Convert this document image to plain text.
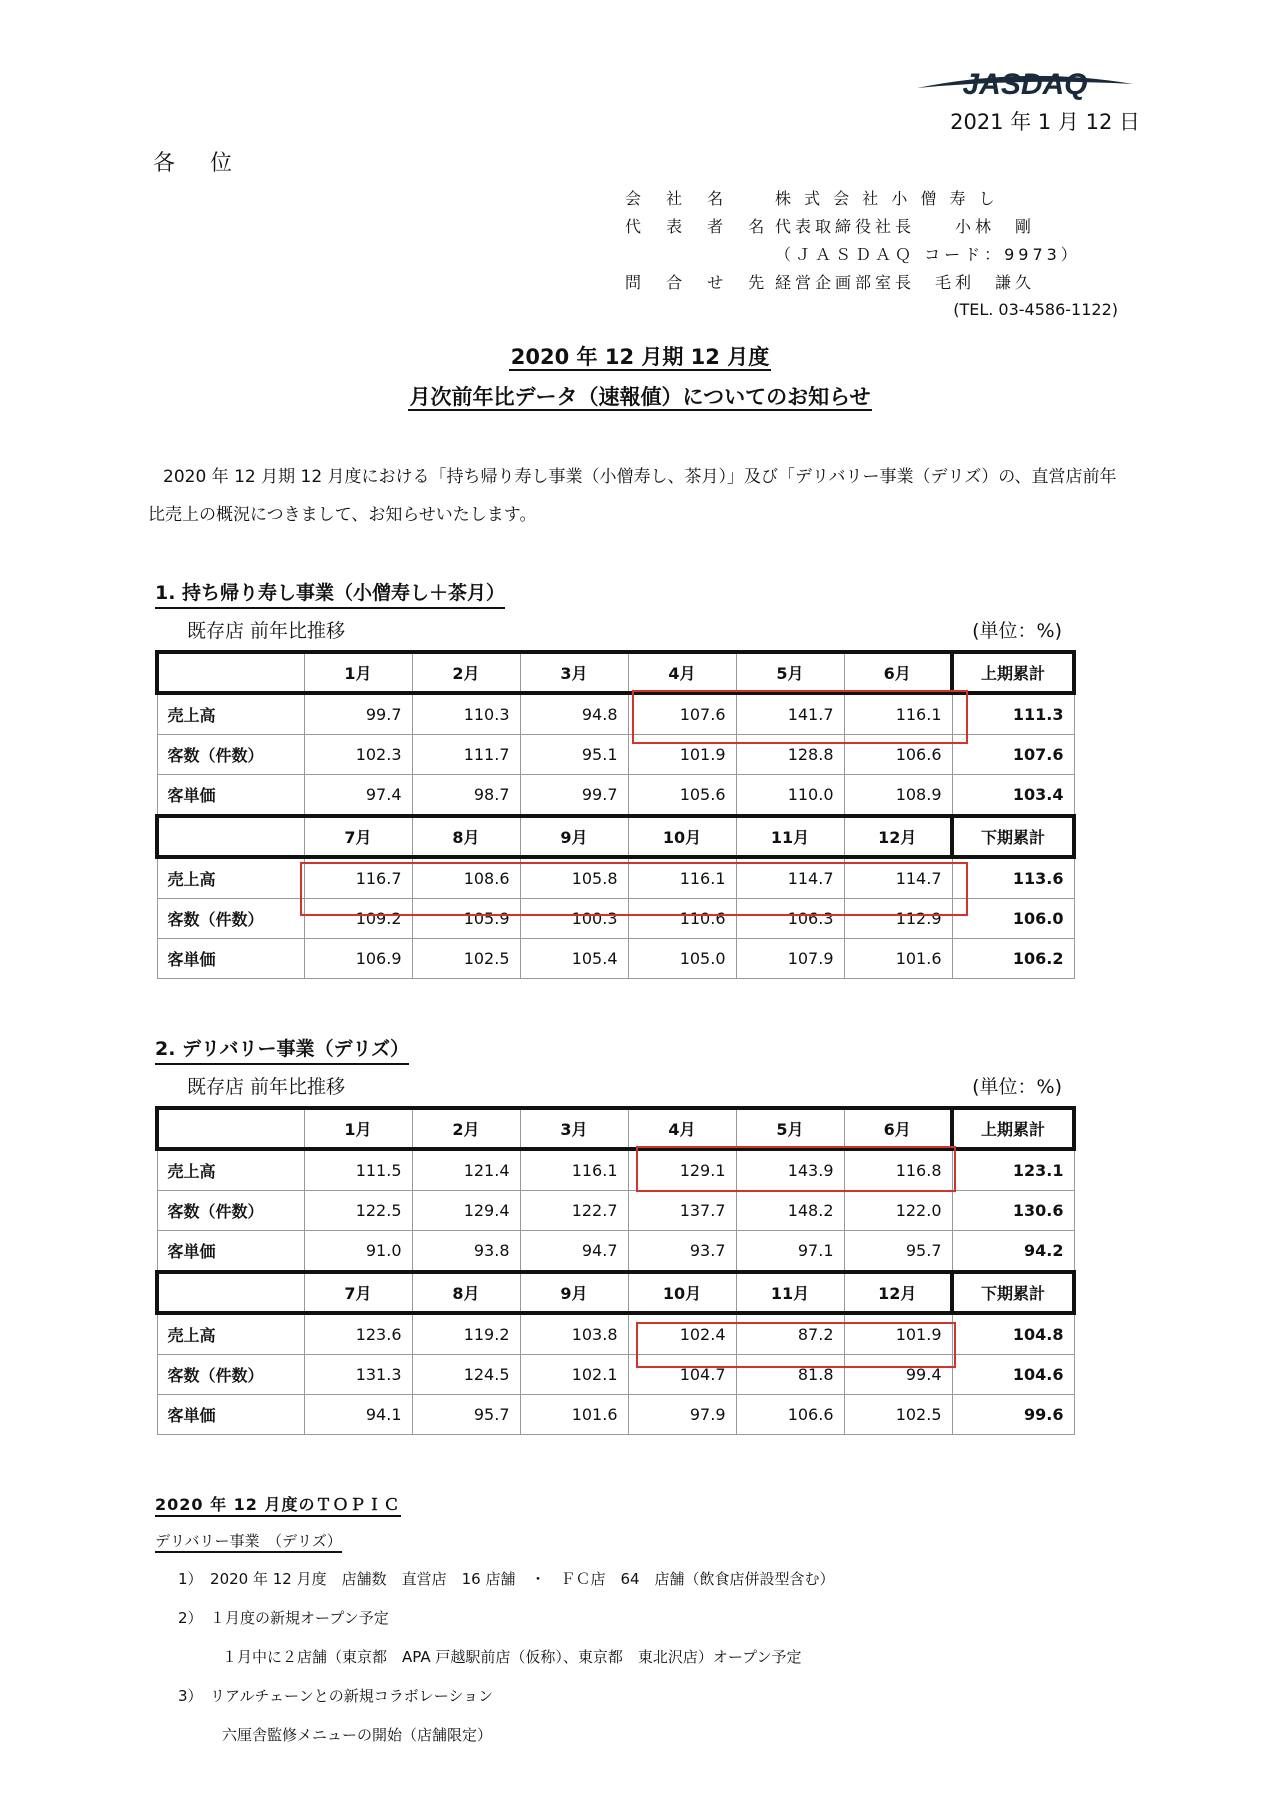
JASDAQ
2021 年 1 月 12 日
各 位
会 社 名	株 式 会 社 小 僧 寿 し
代 表 者 名 代表取締役社長　　小林　剛
（ＪＡＳＤＡＱ コード：9973）
問 合 せ 先 経営企画部室長　毛利　謙久
(TEL. 03-4586-1122)
2020 年 12 月期 12 月度
月次前年比データ（速報値）についてのお知らせ
2020 年 12 月期 12 月度における「持ち帰り寿し事業（小僧寿し、茶月）」及び「デリバリー事業（デリズ）の、直営店前年比売上の概況につきまして、お知らせいたします。
1. 持ち帰り寿し事業（小僧寿し＋茶月）
既存店 前年比推移	(単位：%)
	1月	2月	3月	4月	5月	6月	上期累計
売上高	99.7	110.3	94.8	107.6	141.7	116.1	111.3
客数（件数）	102.3	111.7	95.1	101.9	128.8	106.6	107.6
客単価	97.4	98.7	99.7	105.6	110.0	108.9	103.4
	7月	8月	9月	10月	11月	12月	下期累計
売上高	116.7	108.6	105.8	116.1	114.7	114.7	113.6
客数（件数）	109.2	105.9	100.3	110.6	106.3	112.9	106.0
客単価	106.9	102.5	105.4	105.0	107.9	101.6	106.2
2. デリバリー事業（デリズ）
既存店 前年比推移	(単位：%)
	1月	2月	3月	4月	5月	6月	上期累計
売上高	111.5	121.4	116.1	129.1	143.9	116.8	123.1
客数（件数）	122.5	129.4	122.7	137.7	148.2	122.0	130.6
客単価	91.0	93.8	94.7	93.7	97.1	95.7	94.2
	7月	8月	9月	10月	11月	12月	下期累計
売上高	123.6	119.2	103.8	102.4	87.2	101.9	104.8
客数（件数）	131.3	124.5	102.1	104.7	81.8	99.4	104.6
客単価	94.1	95.7	101.6	97.9	106.6	102.5	99.6
2020 年 12 月度のＴＯＰＩＣ
デリバリー事業　（デリズ）
1）　2020 年 12 月度　店舗数　直営店　16 店舗　・　ＦＣ店　64　店舗（飲食店併設型含む）
2）　１月度の新規オープン予定
１月中に２店舗（東京都　APA 戸越駅前店（仮称）、東京都　東北沢店）オープン予定
3）　リアルチェーンとの新規コラボレーション
六厘舎監修メニューの開始（店舗限定）
